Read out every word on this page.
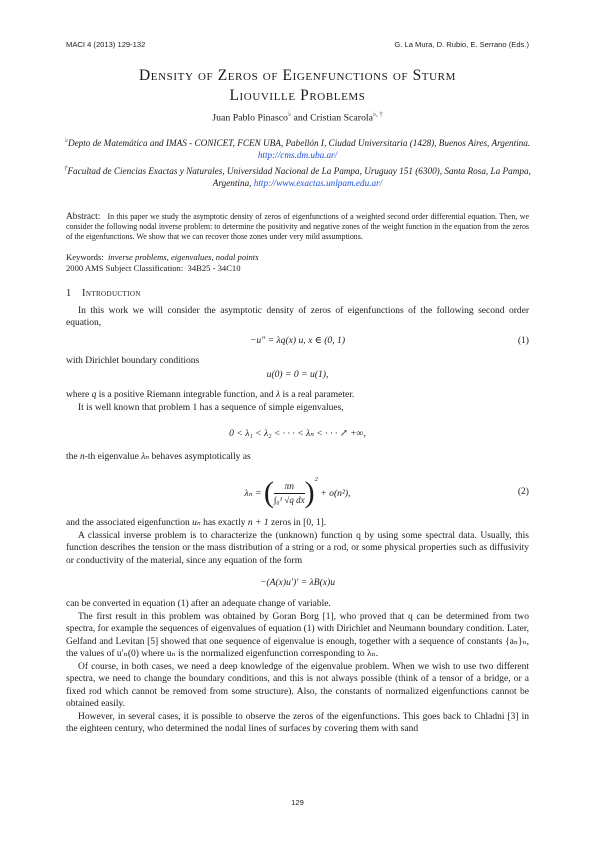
MACI 4 (2013) 129-132	G. La Mura, D. Rubio, E. Serrano (Eds.)
Density of Zeros of Eigenfunctions of Sturm
Liouville Problems
Juan Pablo Pinasco♭ and Cristian Scarola♭, †
♭Depto de Matemática and IMAS - CONICET, FCEN UBA, Pabellón I, Ciudad Universitaria (1428), Buenos Aires, Argentina. http://cms.dm.uba.ar/
†Facultad de Ciencias Exactas y Naturales, Universidad Nacional de La Pampa, Uruguay 151 (6300), Santa Rosa, La Pampa, Argentina, http://www.exactas.unlpam.edu.ar/
Abstract: In this paper we study the asymptotic density of zeros of eigenfunctions of a weighted second order differential equation. Then, we consider the following nodal inverse problem: to determine the positivity and negative zones of the weight function in the equation from the zeros of the eigenfunctions. We show that we can recover those zones under very mild assumptions.
Keywords: inverse problems, eigenvalues, nodal points
2000 AMS Subject Classification: 34B25 - 34C10
1 Introduction
In this work we will consider the asymptotic density of zeros of eigenfunctions of the following second order equation,
−u″ = λq(x) u, x ∈ (0, 1)	(1)
with Dirichlet boundary conditions
u(0) = 0 = u(1),
where q is a positive Riemann integrable function, and λ is a real parameter.
It is well known that problem 1 has a sequence of simple eigenvalues,
0 < λ₁ < λ₂ < · · · < λₙ < · · · ↗ +∞,
the n-th eigenvalue λₙ behaves asymptotically as
λₙ =
( $\frac{\pi n}{\text{∫₀¹ √q dx}} )^2$

+ o(n²),	(2)
and the associated eigenfunction uₙ has exactly n + 1 zeros in [0, 1].
A classical inverse problem is to characterize the (unknown) function q by using some spectral data. Usually, this function describes the tension or the mass distribution of a string or a rod, or some physical properties such as diffusivity or conductivity of the material, since any equation of the form
−(A(x)u′)′ = λB(x)u
can be converted in equation (1) after an adequate change of variable.
The first result in this problem was obtained by Goran Borg [1], who proved that q can be determined from two spectra, for example the sequences of eigenvalues of equation (1) with Dirichlet and Neumann boundary condition. Later, Gelfand and Levitan [5] showed that one sequence of eigenvalue is enough, together with a sequence of constants {aₙ}ₙ, the values of u′ₙ(0) where uₙ is the normalized eigenfunction corresponding to λₙ.
Of course, in both cases, we need a deep knowledge of the eigenvalue problem. When we wish to use two different spectra, we need to change the boundary conditions, and this is not always possible (think of a tensor of a bridge, or a fixed rod which cannot be removed from some structure). Also, the constants of normalized eigenfunctions cannot be obtained easily.
However, in several cases, it is possible to observe the zeros of the eigenfunctions. This goes back to Chladni [3] in the eighteen century, who determined the nodal lines of surfaces by covering them with sand
129
